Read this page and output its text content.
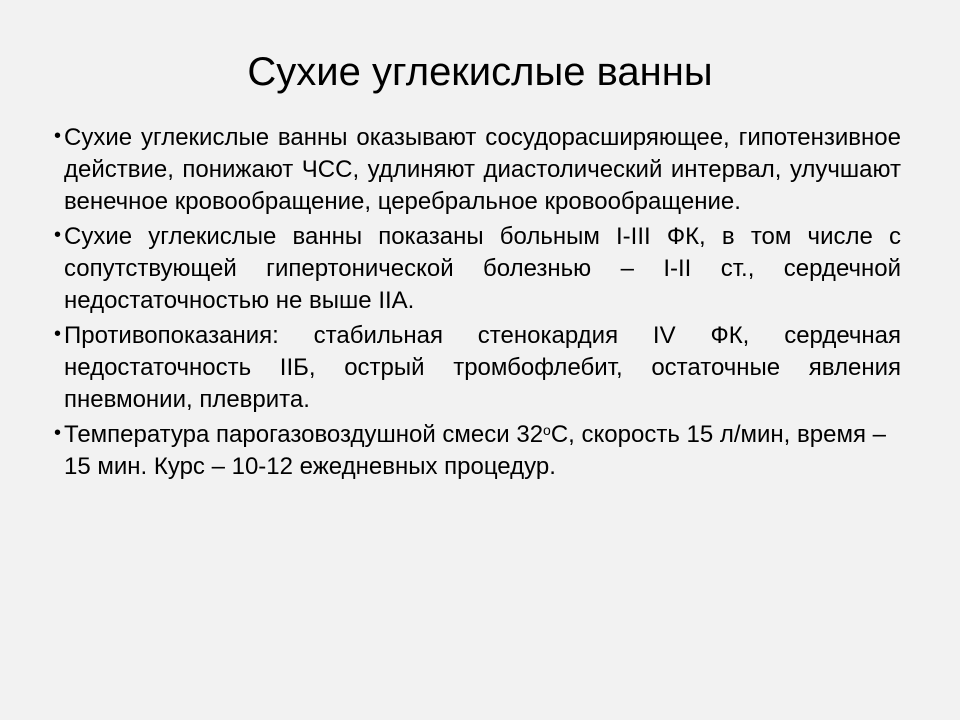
Сухие углекислые ванны
• Сухие углекислые ванны оказывают сосудорасширяющее, гипотензивное действие, понижают ЧСС, удлиняют диастолический интервал, улучшают венечное кровообращение, церебральное кровообращение.
• Сухие углекислые ванны показаны больным I-III ФК, в том числе с сопутствующей гипертонической болезнью – I-II ст., сердечной недостаточностью не выше IIА.
• Противопоказания: стабильная стенокардия IV ФК, сердечная недостаточность IIБ, острый тромбофлебит, остаточные явления пневмонии, плеврита.
• Температура парогазовоздушной смеси $32^оС$, скорость 15 л/мин, время – 15 мин. Курс – 10-12 ежедневных процедур.
